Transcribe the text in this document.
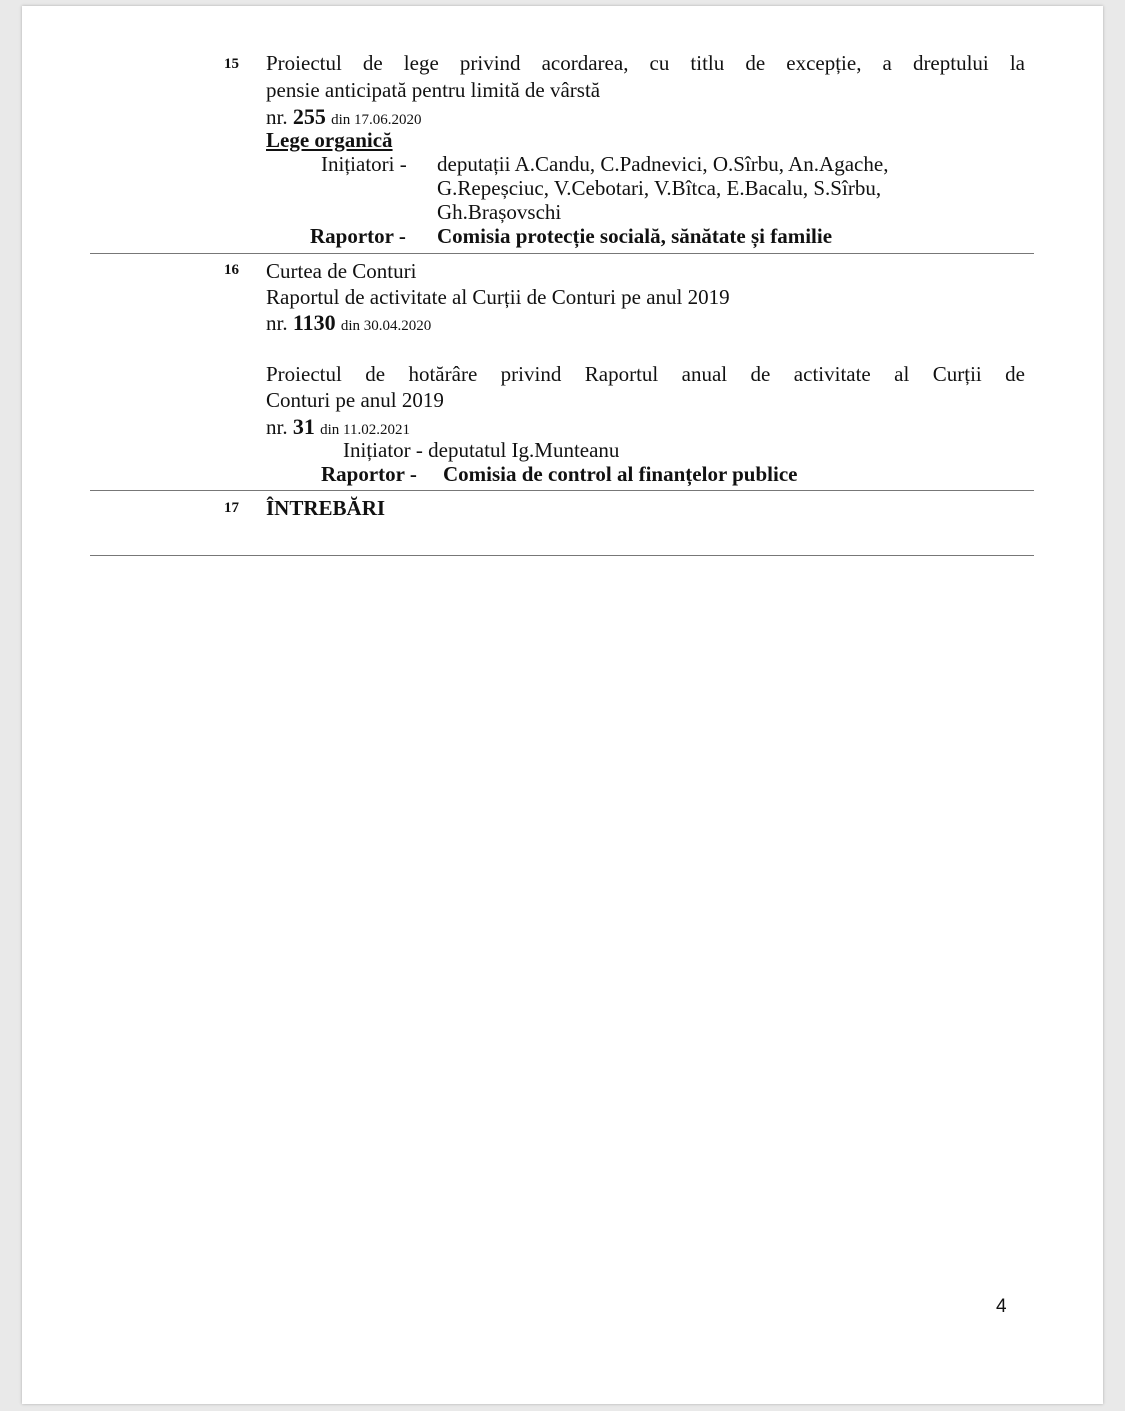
15 Proiectul de lege privind acordarea, cu titlu de excepție, a dreptului la
pensie anticipată pentru limită de vârstă
nr. 255 din 17.06.2020
Lege organică
Inițiatori - deputații A.Candu, C.Padnevici, O.Sîrbu, An.Agache,
G.Repeșciuc, V.Cebotari, V.Bîtca, E.Bacalu, S.Sîrbu,
Gh.Brașovschi
Raportor - Comisia protecție socială, sănătate și familie
16 Curtea de Conturi
Raportul de activitate al Curții de Conturi pe anul 2019
nr. 1130 din 30.04.2020
Proiectul de hotărâre privind Raportul anual de activitate al Curții de
Conturi pe anul 2019
nr. 31 din 11.02.2021
Inițiator - deputatul Ig.Munteanu
Raportor - Comisia de control al finanțelor publice
17 ÎNTREBĂRI
4
